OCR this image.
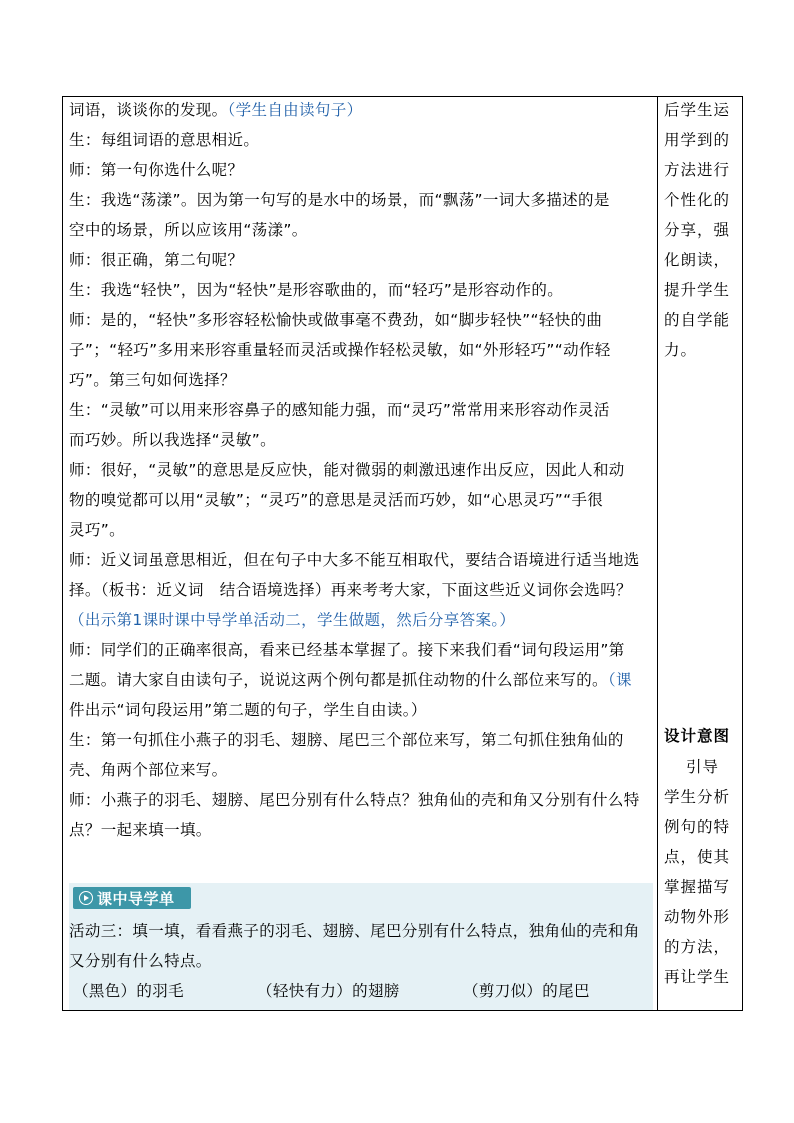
词语，谈谈你的发现。（学生自由读句子）
生：每组词语的意思相近。
师：第一句你选什么呢？
生：我选“荡漾”。因为第一句写的是水中的场景，而“飘荡”一词大多描述的是
空中的场景，所以应该用“荡漾”。
师：很正确，第二句呢？
生：我选“轻快”，因为“轻快”是形容歌曲的，而“轻巧”是形容动作的。
师：是的，“轻快”多形容轻松愉快或做事毫不费劲，如“脚步轻快”“轻快的曲
子”；“轻巧”多用来形容重量轻而灵活或操作轻松灵敏，如“外形轻巧”“动作轻
巧”。第三句如何选择？
生：“灵敏”可以用来形容鼻子的感知能力强，而“灵巧”常常用来形容动作灵活
而巧妙。所以我选择“灵敏”。
师：很好，“灵敏”的意思是反应快，能对微弱的刺激迅速作出反应，因此人和动
物的嗅觉都可以用“灵敏”；“灵巧”的意思是灵活而巧妙，如“心思灵巧”“手很
灵巧”。
师：近义词虽意思相近，但在句子中大多不能互相取代，要结合语境进行适当地选
择。（板书：近义词　结合语境选择）再来考考大家，下面这些近义词你会选吗？
（出示第1课时课中导学单活动二，学生做题，然后分享答案。）
师：同学们的正确率很高，看来已经基本掌握了。接下来我们看“词句段运用”第
二题。请大家自由读句子，说说这两个例句都是抓住动物的什么部位来写的。（课
件出示“词句段运用”第二题的句子，学生自由读。）
生：第一句抓住小燕子的羽毛、翅膀、尾巴三个部位来写，第二句抓住独角仙的
壳、角两个部位来写。
师：小燕子的羽毛、翅膀、尾巴分别有什么特点？独角仙的壳和角又分别有什么特
点？一起来填一填。
课中导学单
活动三：填一填，看看燕子的羽毛、翅膀、尾巴分别有什么特点，独角仙的壳和角
又分别有什么特点。
（黑色）的羽毛	（轻快有力）的翅膀	（剪刀似）的尾巴
后学生运
用学到的
方法进行
个性化的
分享，强
化朗读，
提升学生
的自学能
力。
设计意图
引导
学生分析
例句的特
点，使其
掌握描写
动物外形
的方法，
再让学生
